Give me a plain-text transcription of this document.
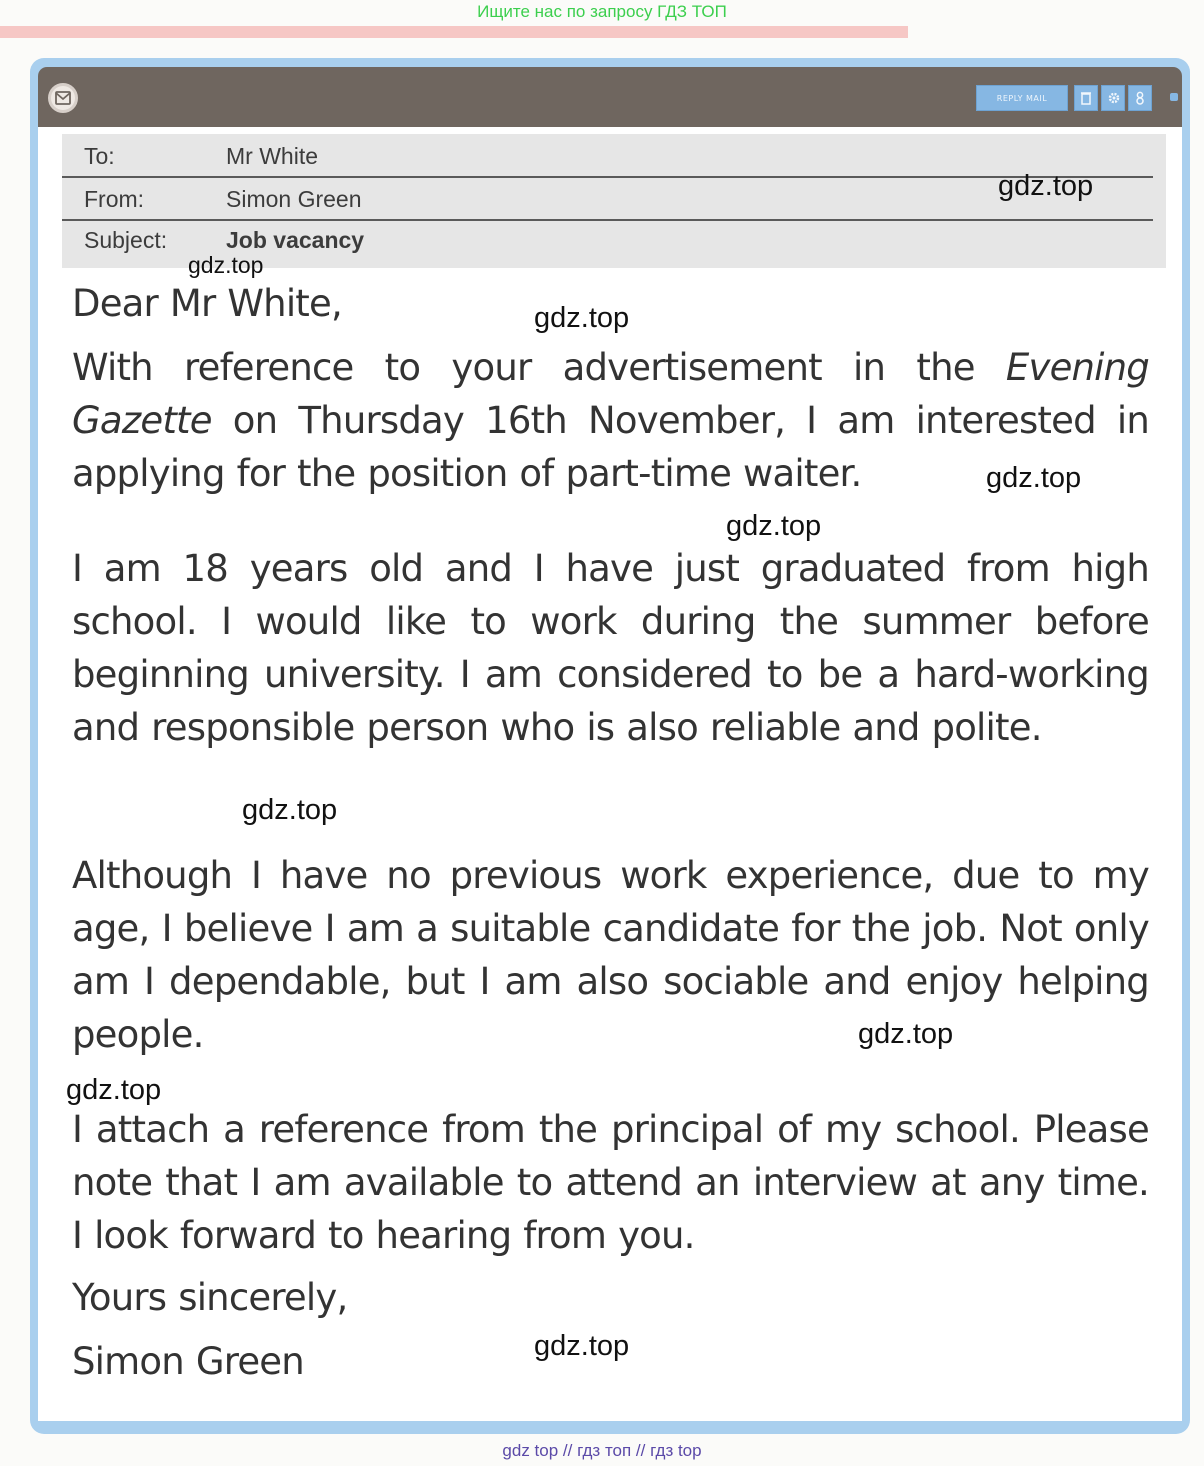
Ищите нас по запросу ГДЗ ТОП
REPLY MAIL
To:	Mr White
From:	Simon Green
Subject:	Job vacancy

Dear Mr White,

With reference to your advertisement in the Evening Gazette on Thursday 16th November, I am interested in applying for the position of part-time waiter.

I am 18 years old and I have just graduated from high school. I would like to work during the summer before beginning university. I am considered to be a hard-working and responsible person who is also reliable and polite.

Although I have no previous work experience, due to my age, I believe I am a suitable candidate for the job. Not only am I dependable, but I am also sociable and enjoy helping people.

I attach a reference from the principal of my school. Please note that I am available to attend an interview at any time. I look forward to hearing from you.

Yours sincerely,

Simon Green

gdz.top
gdz.top
gdz.top
gdz.top
gdz.top
gdz.top
gdz.top
gdz.top
gdz.top
gdz top // гдз топ // гдз top
